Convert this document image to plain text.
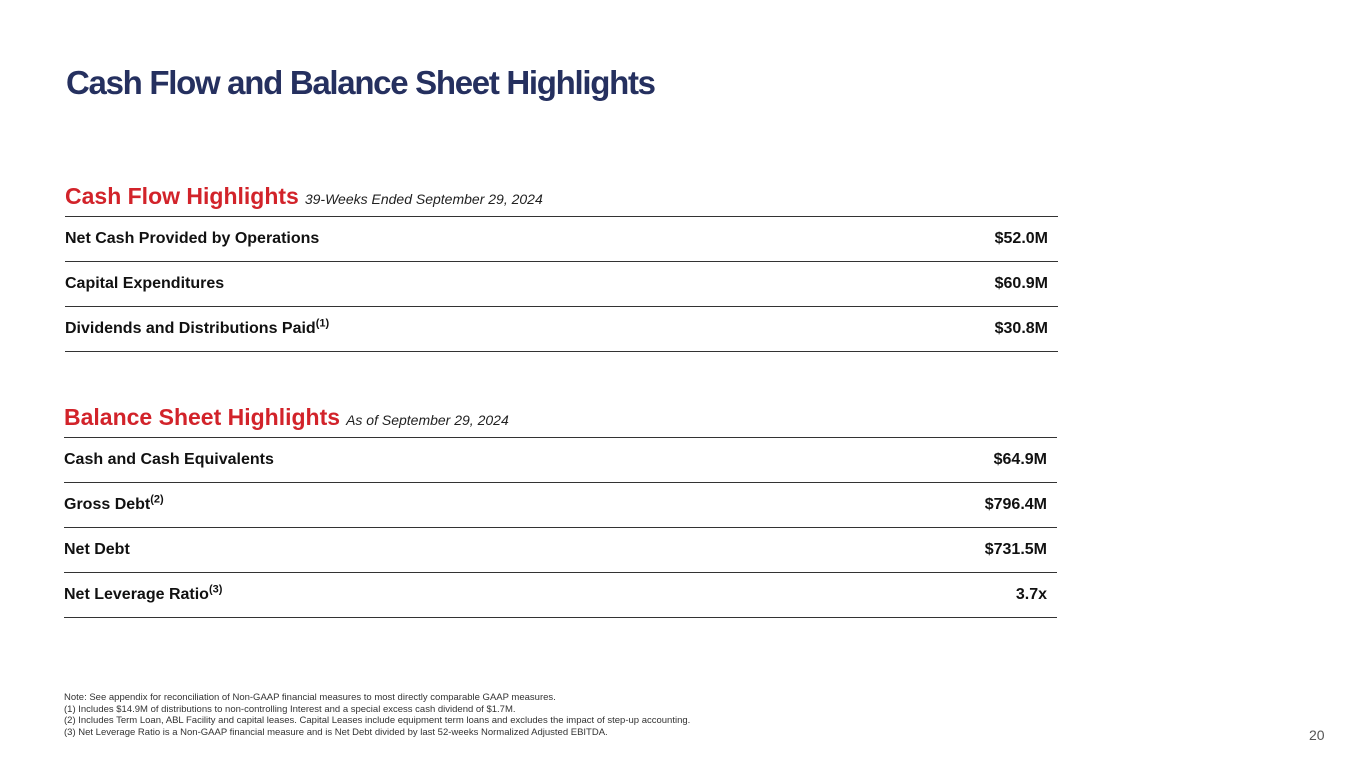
Cash Flow and Balance Sheet Highlights
Cash Flow Highlights 39-Weeks Ended September 29, 2024
Net Cash Provided by Operations	$52.0M
Capital Expenditures	$60.9M
Dividends and Distributions Paid$^{(1)}$	$30.8M
Balance Sheet Highlights As of September 29, 2024
Cash and Cash Equivalents	$64.9M
Gross Debt$^{(2)}$	$796.4M
Net Debt	$731.5M
Net Leverage Ratio$^{(3)}$	3.7x
Note: See appendix for reconciliation of Non-GAAP financial measures to most directly comparable GAAP measures.
(1) Includes $14.9M of distributions to non-controlling Interest and a special excess cash dividend of $1.7M.
(2) Includes Term Loan, ABL Facility and capital leases. Capital Leases include equipment term loans and excludes the impact of step-up accounting.
(3) Net Leverage Ratio is a Non-GAAP financial measure and is Net Debt divided by last 52-weeks Normalized Adjusted EBITDA.	20
